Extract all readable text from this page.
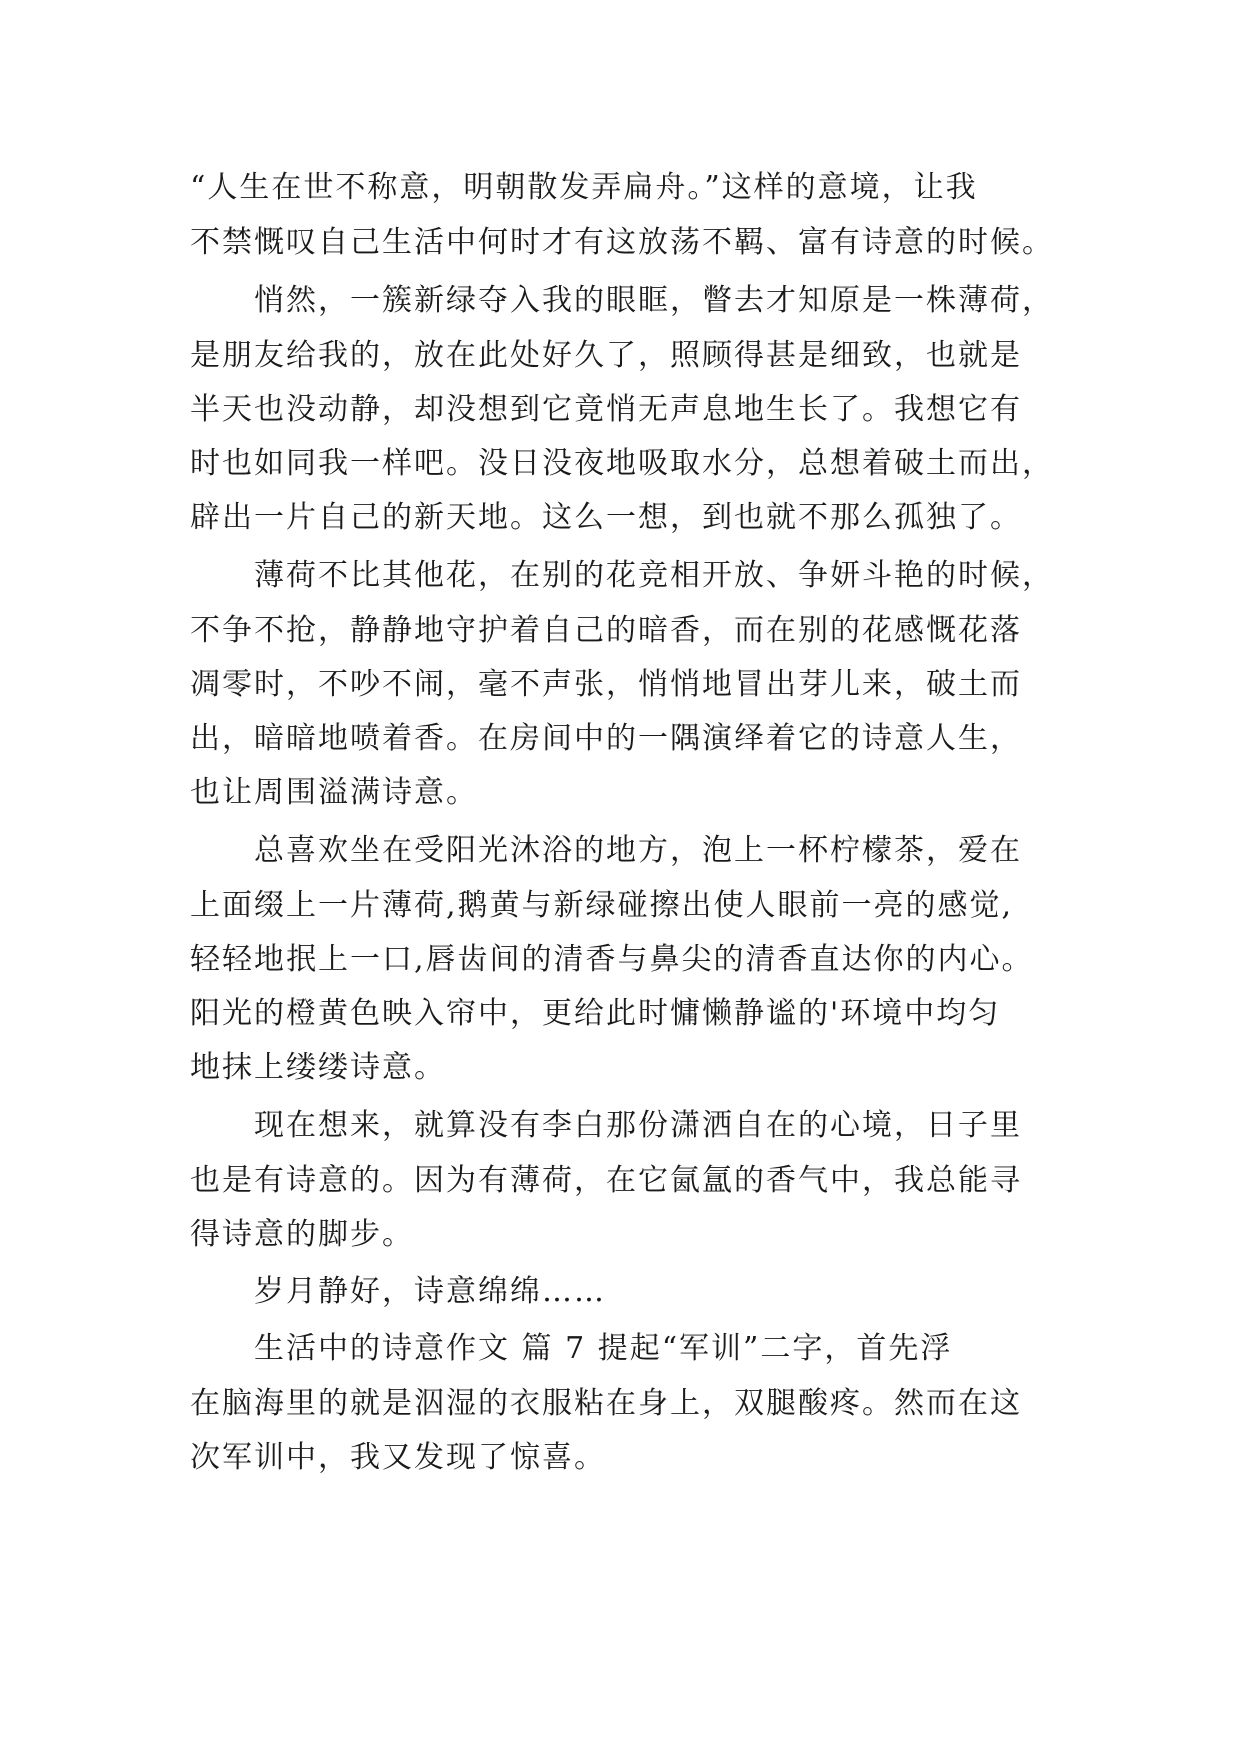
“人生在世不称意，明朝散发弄扁舟。”这样的意境，让我
不禁慨叹自己生活中何时才有这放荡不羁、富有诗意的时候。
悄然，一簇新绿夺入我的眼眶，瞥去才知原是一株薄荷，
是朋友给我的，放在此处好久了，照顾得甚是细致，也就是
半天也没动静，却没想到它竟悄无声息地生长了。我想它有
时也如同我一样吧。没日没夜地吸取水分，总想着破土而出，
辟出一片自己的新天地。这么一想，到也就不那么孤独了。
薄荷不比其他花，在别的花竞相开放、争妍斗艳的时候，
不争不抢，静静地守护着自己的暗香，而在别的花感慨花落
凋零时，不吵不闹，毫不声张，悄悄地冒出芽儿来，破土而
出，暗暗地喷着香。在房间中的一隅演绎着它的诗意人生，
也让周围溢满诗意。
总喜欢坐在受阳光沐浴的地方，泡上一杯柠檬茶，爱在
上面缀上一片薄荷,鹅黄与新绿碰擦出使人眼前一亮的感觉,
轻轻地抿上一口,唇齿间的清香与鼻尖的清香直达你的内心。
阳光的橙黄色映入帘中，更给此时慵懒静谧的'环境中均匀
地抹上缕缕诗意。
现在想来，就算没有李白那份潇洒自在的心境，日子里
也是有诗意的。因为有薄荷，在它氤氲的香气中，我总能寻
得诗意的脚步。
岁月静好，诗意绵绵……
生活中的诗意作文 篇 7 提起“军训”二字，首先浮
在脑海里的就是泅湿的衣服粘在身上，双腿酸疼。然而在这
次军训中，我又发现了惊喜。
